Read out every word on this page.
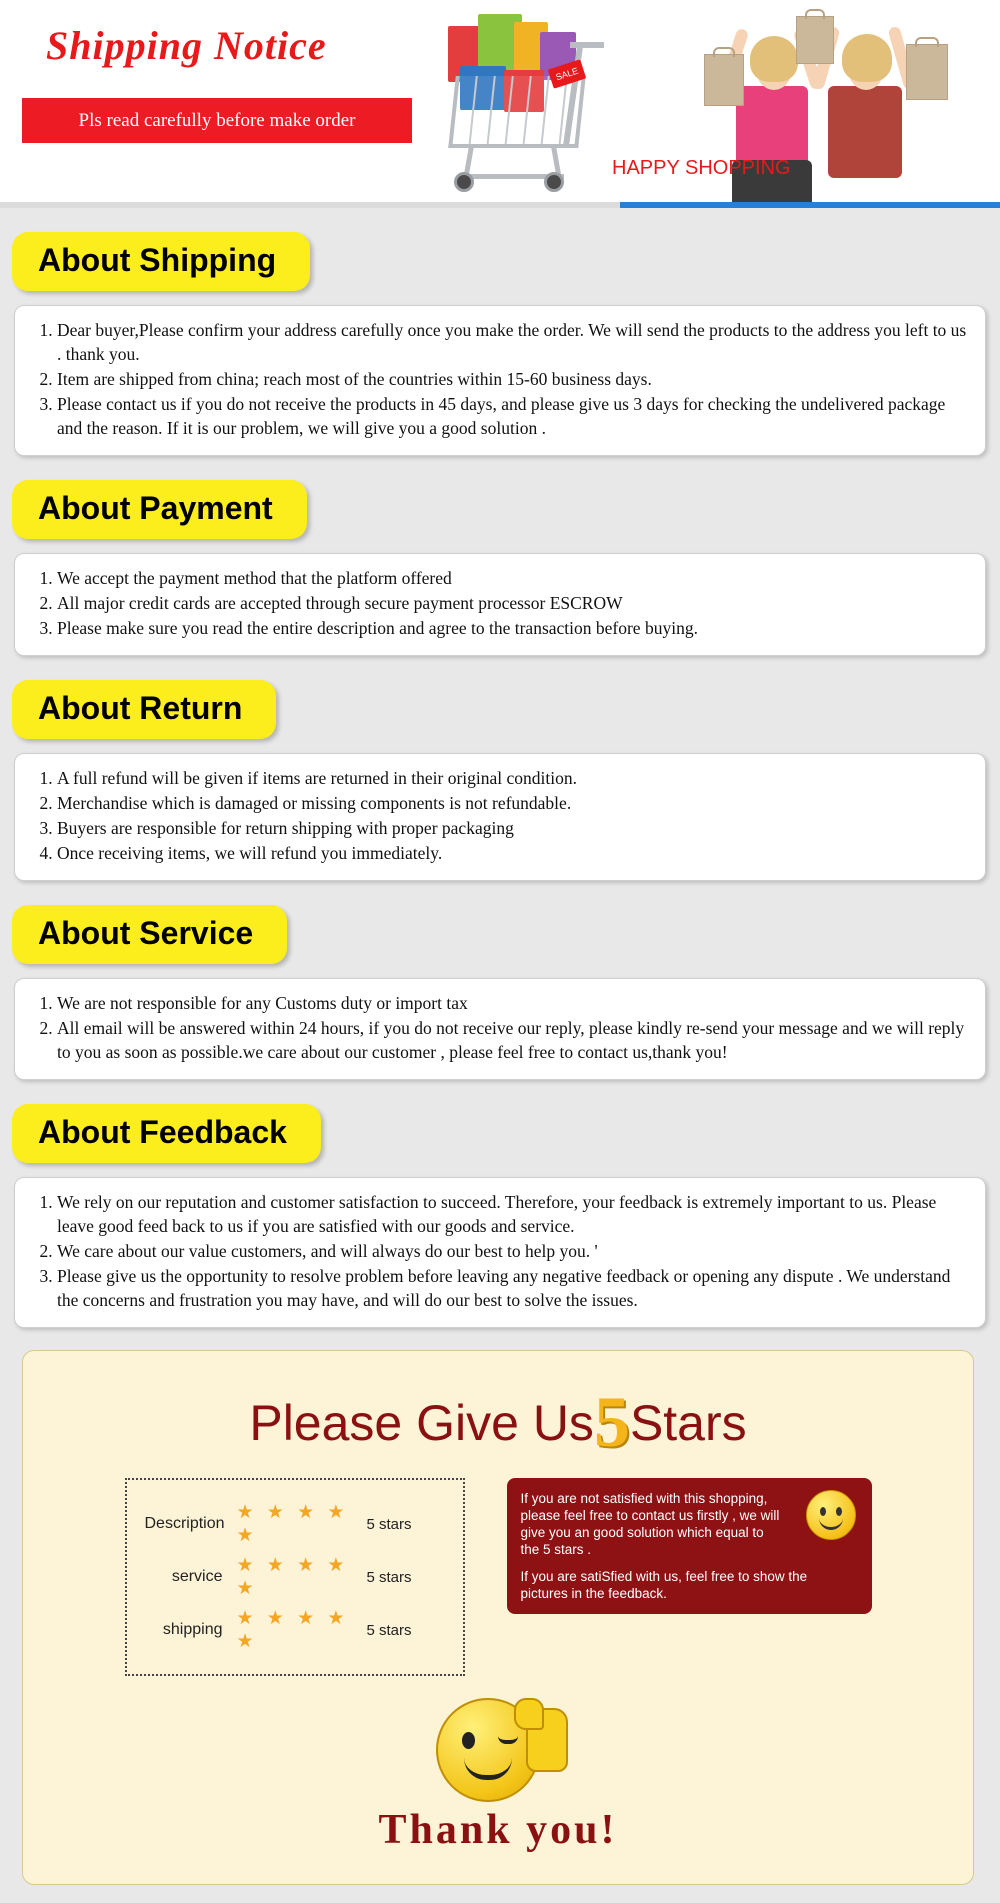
Shipping Notice
Pls read carefully before make order
SALE
HAPPY SHOPPING
About Shipping
1. Dear buyer,Please confirm your address carefully once you make the order. We will send the products to the address you left to us . thank you.
2. Item are shipped from china; reach most of the countries within 15-60 business days.
3. Please contact us if you do not receive the products in 45 days, and please give us 3 days for checking the undelivered package and the reason. If it is our problem, we will give you a good solution .
About Payment
1. We accept the payment method that the platform offered
2. All major credit cards are accepted through secure payment processor ESCROW
3. Please make sure you read the entire description and agree to the transaction before buying.
About Return
1. A full refund will be given if items are returned in their original condition.
2. Merchandise which is damaged or missing components is not refundable.
3. Buyers are responsible for return shipping with proper packaging
4. Once receiving items, we will refund you immediately.
About Service
1. We are not responsible for any Customs duty or import tax
2. All email will be answered within 24 hours, if you do not receive our reply, please kindly re-send your message and we will reply to you as soon as possible.we care about our customer , please feel free to contact us,thank you!
About Feedback
1. We rely on our reputation and customer satisfaction to succeed. Therefore, your feedback is extremely important to us. Please leave good feed back to us if you are satisfied with our goods and service.
2. We care about our value customers, and will always do our best to help you. '
3. Please give us the opportunity to resolve problem before leaving any negative feedback or opening any dispute . We understand the concerns and frustration you may have, and will do our best to solve the issues.
Please Give Us5Stars
Description
★ ★ ★ ★ ★
5 stars
service
★ ★ ★ ★ ★
5 stars
shipping
★ ★ ★ ★ ★
5 stars

If you are not satisfied with this shopping, please feel free to contact us firstly , we will give you an good solution which equal to the 5 stars .

If you are satiSfied with us, feel free to show the pictures in the feedback.

Thank you!
